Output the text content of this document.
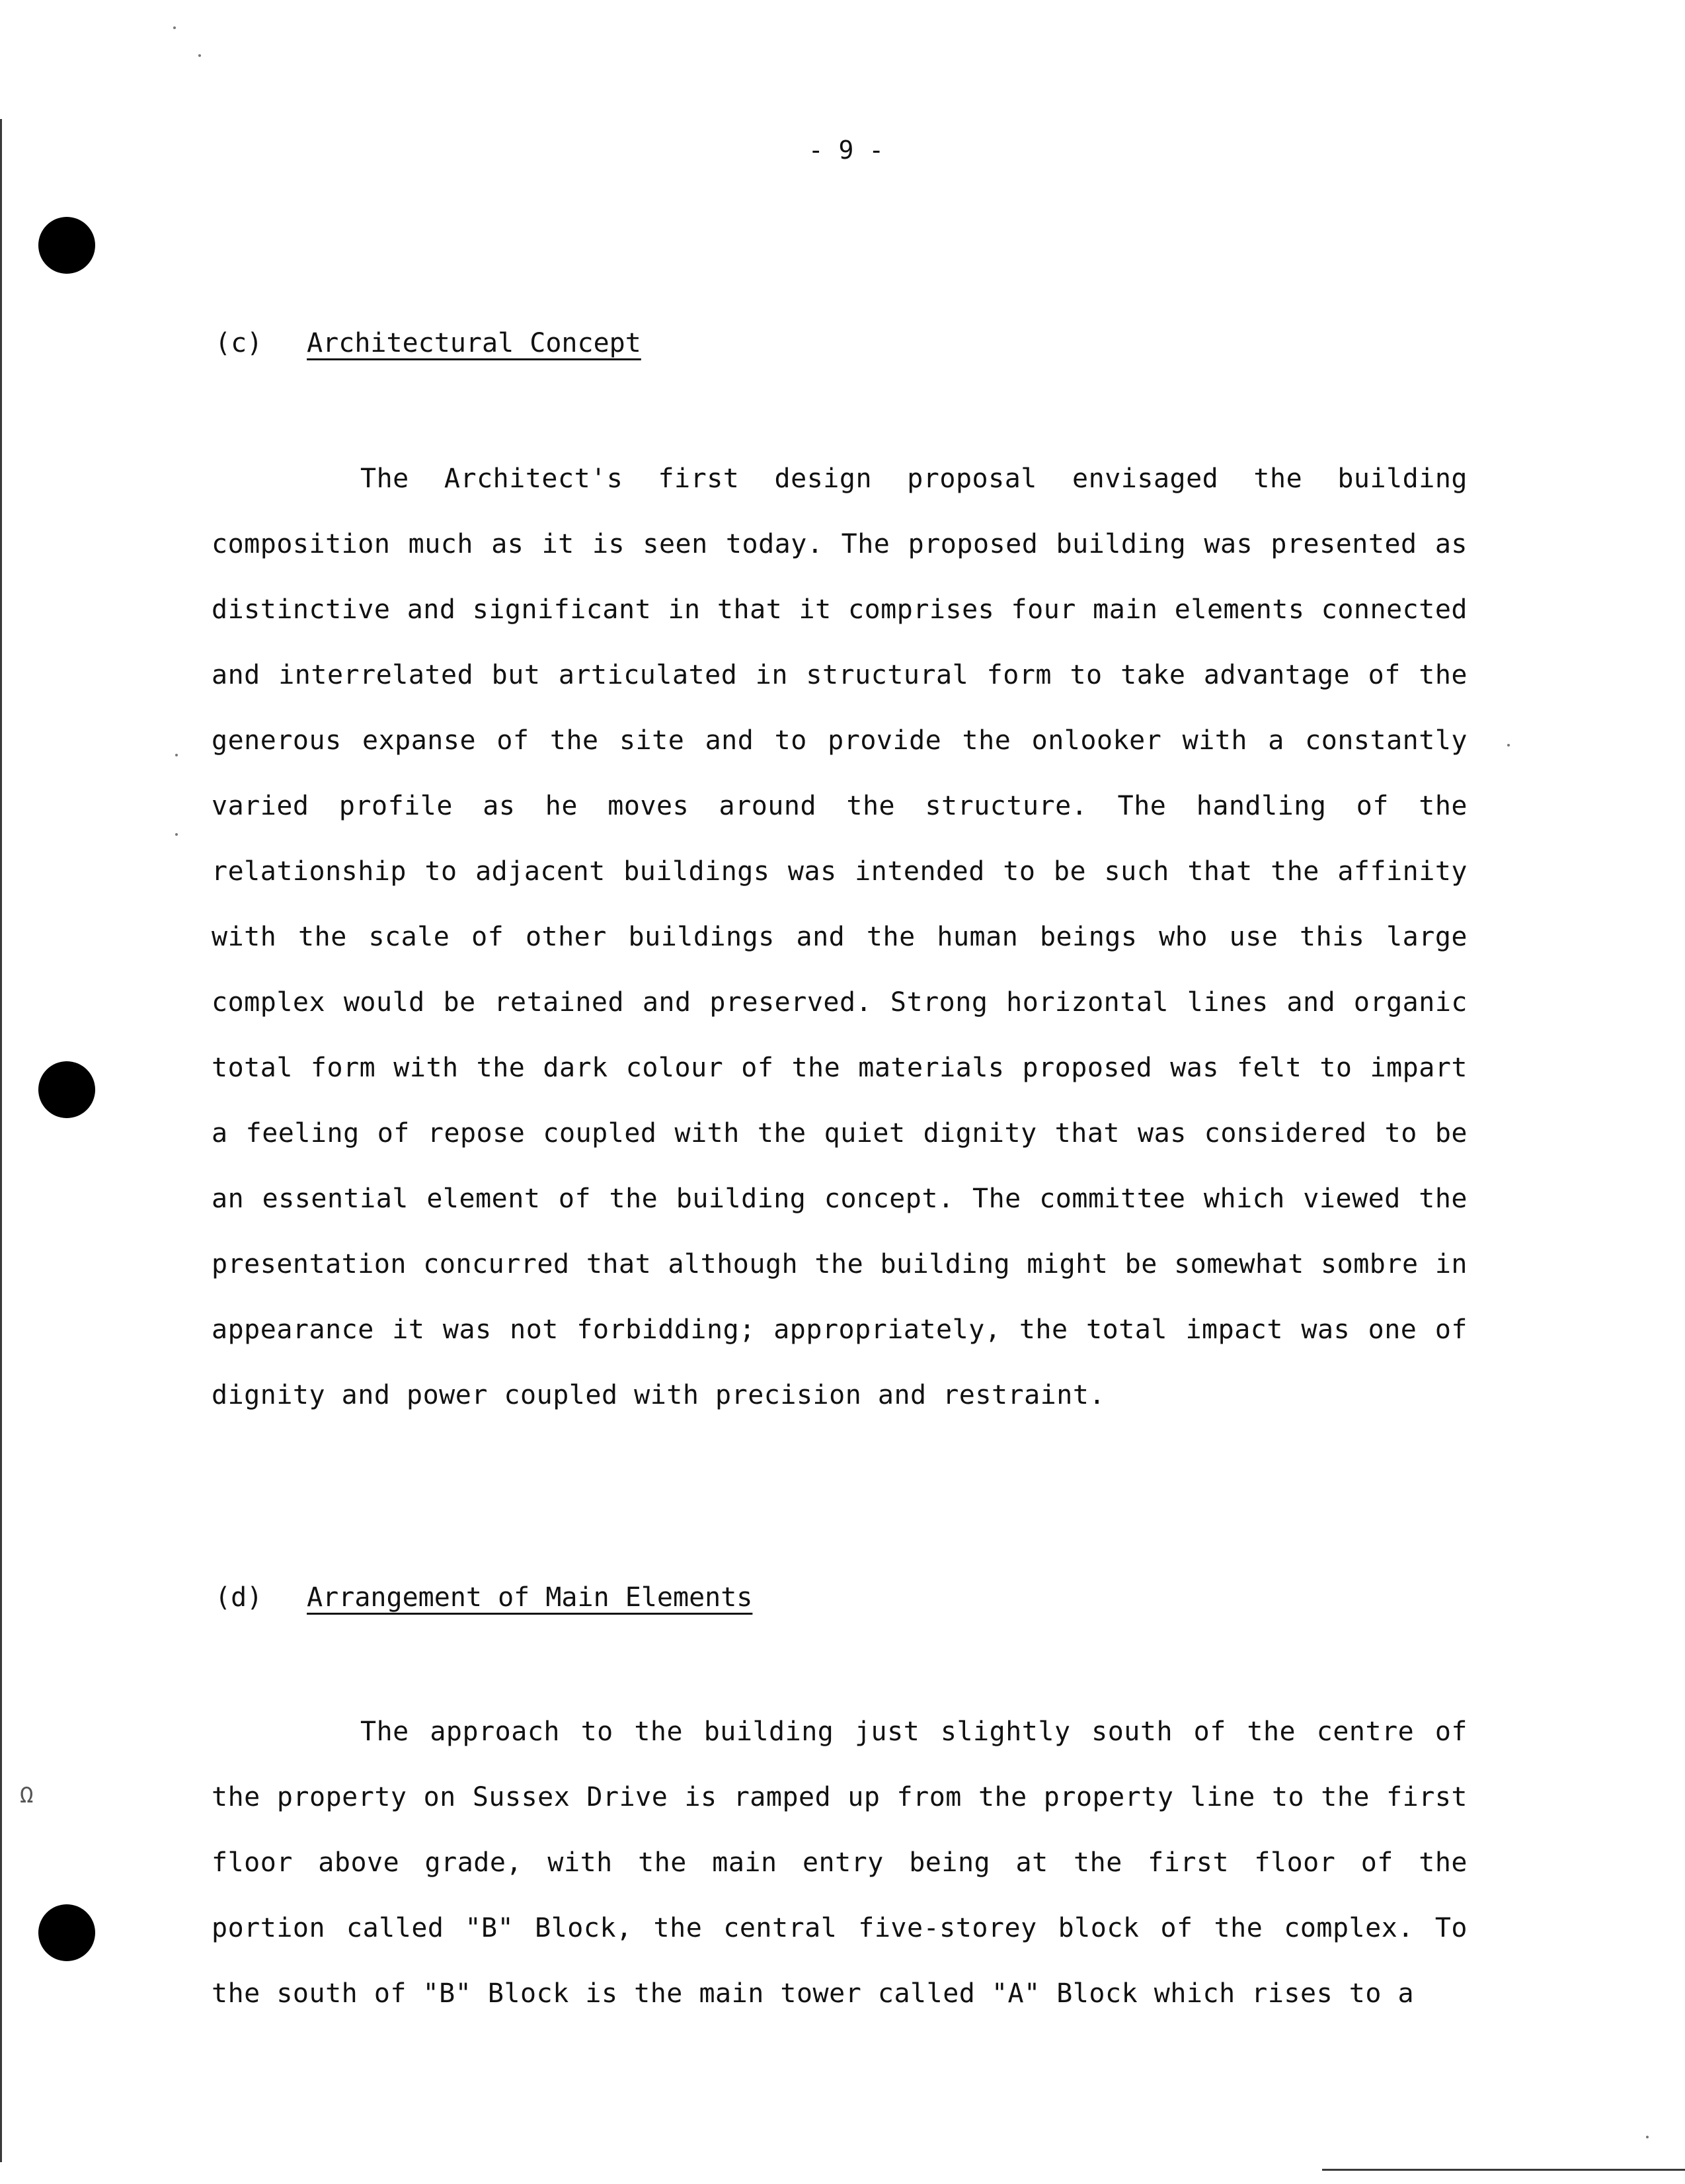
- 9 -
(c) Architectural Concept
The Architect's first design proposal envisaged the building composition much as it is seen today. The proposed building was presented as distinctive and significant in that it comprises four main elements connected and interrelated but articulated in structural form to take advantage of the generous expanse of the site and to provide the onlooker with a constantly varied profile as he moves around the structure. The handling of the relationship to adjacent buildings was intended to be such that the affinity with the scale of other buildings and the human beings who use this large complex would be retained and preserved. Strong horizontal lines and organic total form with the dark colour of the materials proposed was felt to impart a feeling of repose coupled with the quiet dignity that was considered to be an essential element of the building concept. The committee which viewed the presentation concurred that although the building might be somewhat sombre in appearance it was not forbidding; appropriately, the total impact was one of dignity and power coupled with precision and restraint.
(d) Arrangement of Main Elements
The approach to the building just slightly south of the centre of the property on Sussex Drive is ramped up from the property line to the first floor above grade, with the main entry being at the first floor of the portion called "B" Block, the central five-storey block of the complex. To the south of "B" Block is the main tower called "A" Block which rises to a
Ω
